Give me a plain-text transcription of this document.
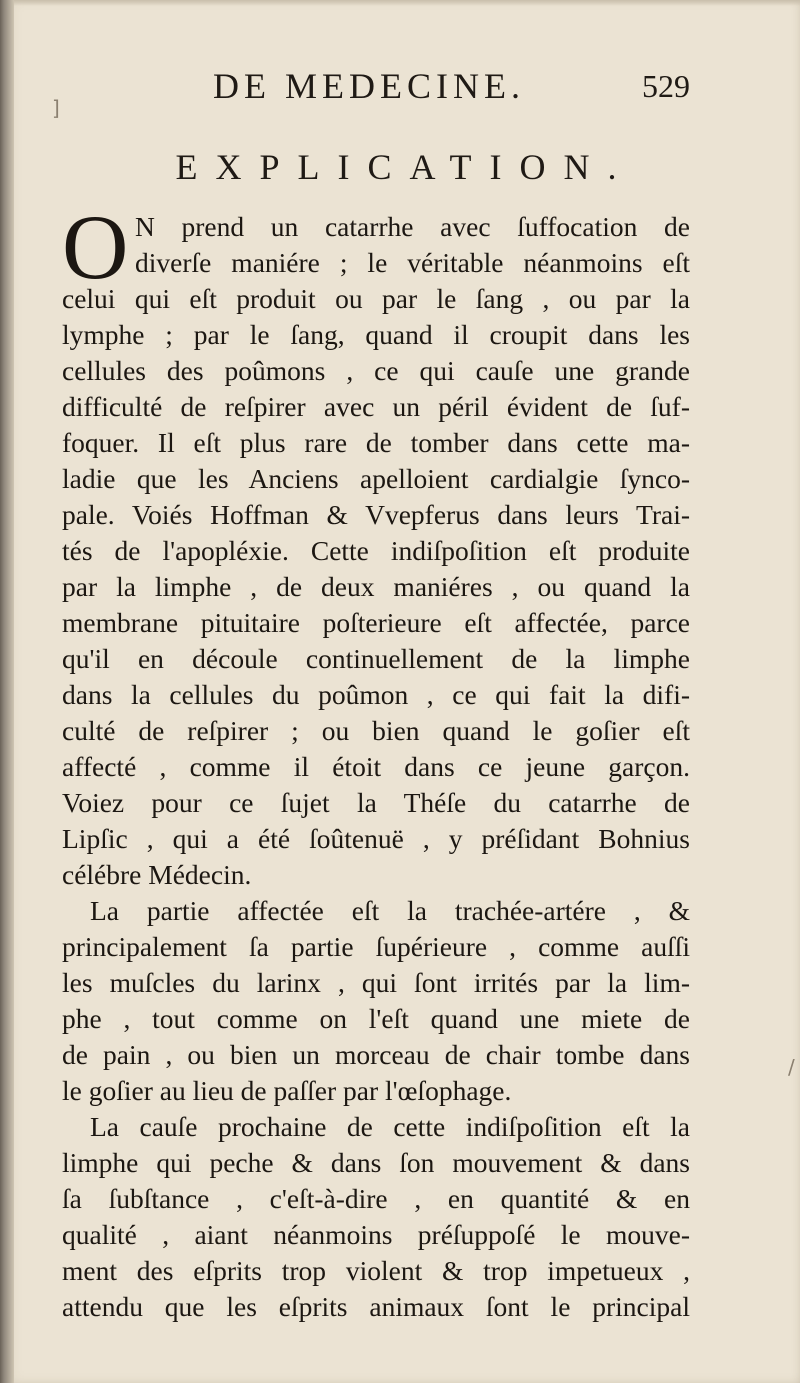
DE MEDECINE.	529
EXPLICATION.
O N prend un catarrhe avec ſuffocation de
diverſe maniére ; le véritable néanmoins eſt
celui qui eſt produit ou par le ſang , ou par la
lymphe ; par le ſang, quand il croupit dans les
cellules des poûmons , ce qui cauſe une grande
difficulté de reſpirer avec un péril évident de ſuf-
foquer. Il eſt plus rare de tomber dans cette ma-
ladie que les Anciens apelloient cardialgie ſynco-
pale. Voiés Hoffman & Vvepferus dans leurs Trai-
tés de l'apopléxie. Cette indiſpoſition eſt produite
par la limphe , de deux maniéres , ou quand la
membrane pituitaire poſterieure eſt affectée, parce
qu'il en découle continuellement de la limphe
dans la cellules du poûmon , ce qui fait la difi-
culté de reſpirer ; ou bien quand le goſier eſt
affecté , comme il étoit dans ce jeune garçon.
Voiez pour ce ſujet la Théſe du catarrhe de
Lipſic , qui a été ſoûtenuë , y préſidant Bohnius
célébre Médecin.
La partie affectée eſt la trachée-artére , &
principalement ſa partie ſupérieure , comme auſſi
les muſcles du larinx , qui ſont irrités par la lim-
phe , tout comme on l'eſt quand une miete de
de pain , ou bien un morceau de chair tombe dans
le goſier au lieu de paſſer par l'œſophage.
La cauſe prochaine de cette indiſpoſition eſt la
limphe qui peche & dans ſon mouvement & dans
ſa ſubſtance , c'eſt-à-dire , en quantité & en
qualité , aiant néanmoins préſuppoſé le mouve-
ment des eſprits trop violent & trop impetueux ,
attendu que les eſprits animaux ſont le principal
]
/
